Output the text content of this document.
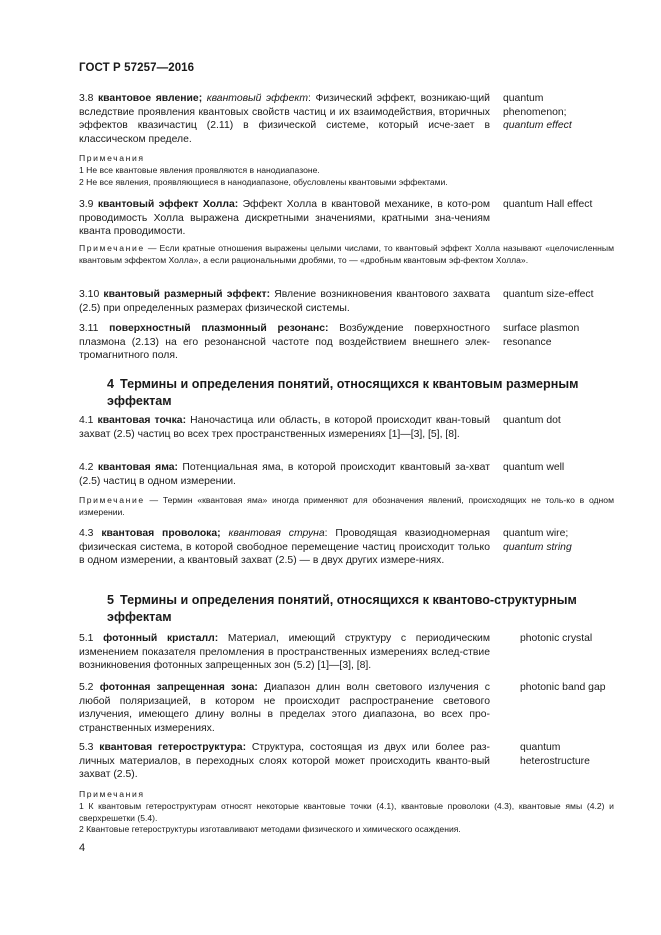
ГОСТ Р 57257—2016
3.8 квантовое явление; квантовый эффект: Физический эффект, возникаю-щий вследствие проявления квантовых свойств частиц и их взаимодействия, вторичных эффектов квазичастиц (2.11) в физической системе, который исче-зает в классическом пределе.
quantum
phenomenon;
quantum effect
Примечания
1 Не все квантовые явления проявляются в нанодиапазоне.
2 Не все явления, проявляющиеся в нанодиапазоне, обусловлены квантовыми эффектами.
3.9 квантовый эффект Холла: Эффект Холла в квантовой механике, в кото-ром проводимость Холла выражена дискретными значениями, кратными зна-чениям кванта проводимости.
quantum Hall effect
Примечание — Если кратные отношения выражены целыми числами, то квантовый эффект Холла называют «целочисленным квантовым эффектом Холла», а если рациональными дробями, то — «дробным квантовым эф-фектом Холла».
3.10 квантовый размерный эффект: Явление возникновения квантового захвата (2.5) при определенных размерах физической системы.
quantum size-effect
3.11 поверхностный плазмонный резонанс: Возбуждение поверхностного плазмона (2.13) на его резонансной частоте под воздействием внешнего элек-тромагнитного поля.
surface plasmon
resonance
4 Термины и определения понятий, относящихся к квантовым размерным эффектам
4.1 квантовая точка: Наночастица или область, в которой происходит кван-товый захват (2.5) частиц во всех трех пространственных измерениях [1]—[3], [5], [8].
quantum dot
4.2 квантовая яма: Потенциальная яма, в которой происходит квантовый за-хват (2.5) частиц в одном измерении.
quantum well
Примечание — Термин «квантовая яма» иногда применяют для обозначения явлений, происходящих не толь-ко в одном измерении.
4.3 квантовая проволока; квантовая струна: Проводящая квазиодномерная физическая система, в которой свободное перемещение частиц происходит только в одном измерении, а квантовый захват (2.5) — в двух других измере-ниях.
quantum wire;
quantum string
5 Термины и определения понятий, относящихся к квантово-структурным эффектам
5.1 фотонный кристалл: Материал, имеющий структуру с периодическим изменением показателя преломления в пространственных измерениях вслед-ствие возникновения фотонных запрещенных зон (5.2) [1]—[3], [8].
photonic crystal
5.2 фотонная запрещенная зона: Диапазон длин волн светового излучения с любой поляризацией, в котором не происходит распространение светового излучения, имеющего длину волны в пределах этого диапазона, во всех про-странственных измерениях.
photonic band gap
5.3 квантовая гетероструктура: Структура, состоящая из двух или более раз-личных материалов, в переходных слоях которой может происходить кванто-вый захват (2.5).
quantum
heterostructure
Примечания
1 К квантовым гетероструктурам относят некоторые квантовые точки (4.1), квантовые проволоки (4.3), квантовые ямы (4.2) и сверхрешетки (5.4).
2 Квантовые гетероструктуры изготавливают методами физического и химического осаждения.
4
